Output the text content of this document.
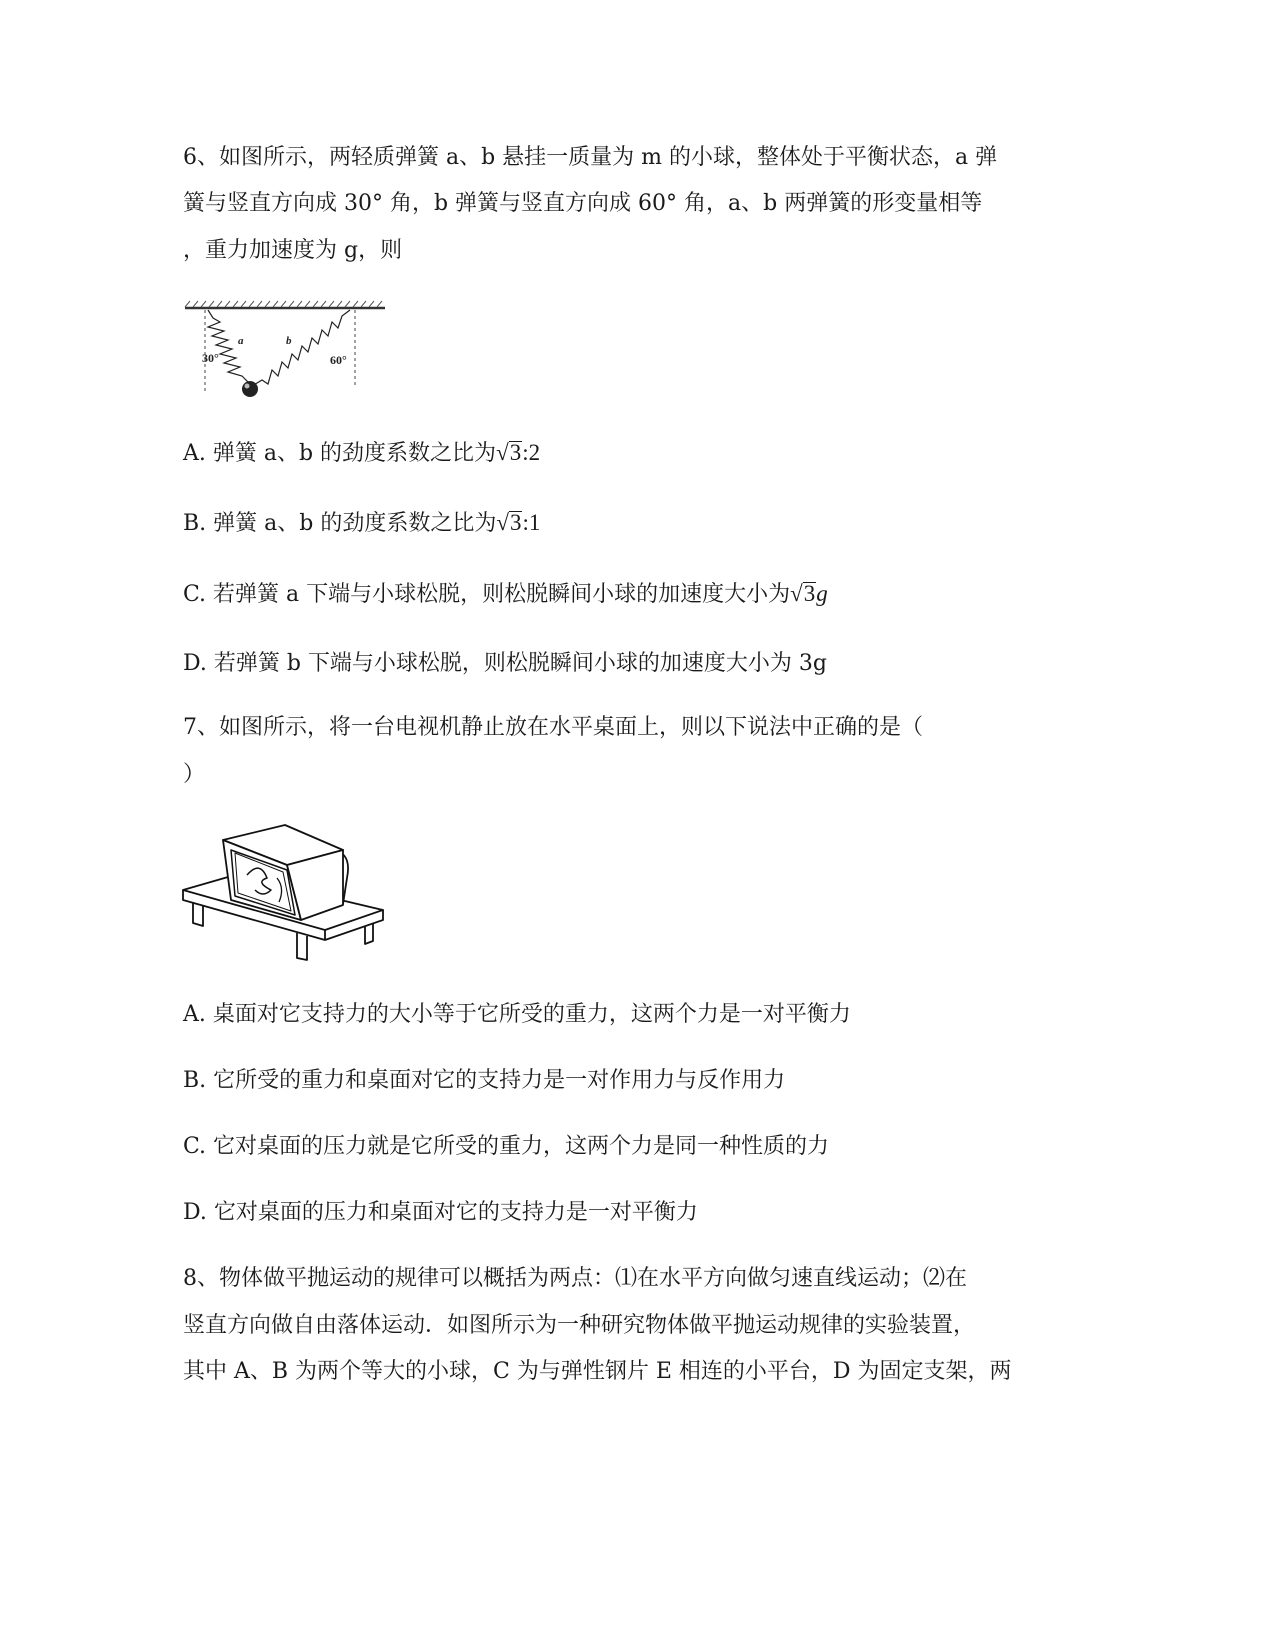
6、如图所示，两轻质弹簧 a、b 悬挂一质量为 m 的小球，整体处于平衡状态，a 弹
簧与竖直方向成 30° 角，b 弹簧与竖直方向成 60° 角，a、b 两弹簧的形变量相等
，重力加速度为 g，则
a	b
30°	60°
A. 弹簧 a、b 的劲度系数之比为√3:2
B. 弹簧 a、b 的劲度系数之比为√3:1
C. 若弹簧 a 下端与小球松脱，则松脱瞬间小球的加速度大小为√3g
D. 若弹簧 b 下端与小球松脱，则松脱瞬间小球的加速度大小为 3g
7、如图所示，将一台电视机静止放在水平桌面上，则以下说法中正确的是（
）
A. 桌面对它支持力的大小等于它所受的重力，这两个力是一对平衡力
B. 它所受的重力和桌面对它的支持力是一对作用力与反作用力
C. 它对桌面的压力就是它所受的重力，这两个力是同一种性质的力
D. 它对桌面的压力和桌面对它的支持力是一对平衡力
8、物体做平抛运动的规律可以概括为两点：⑴在水平方向做匀速直线运动；⑵在
竖直方向做自由落体运动．如图所示为一种研究物体做平抛运动规律的实验装置，
其中 A、B 为两个等大的小球，C 为与弹性钢片 E 相连的小平台，D 为固定支架，两
